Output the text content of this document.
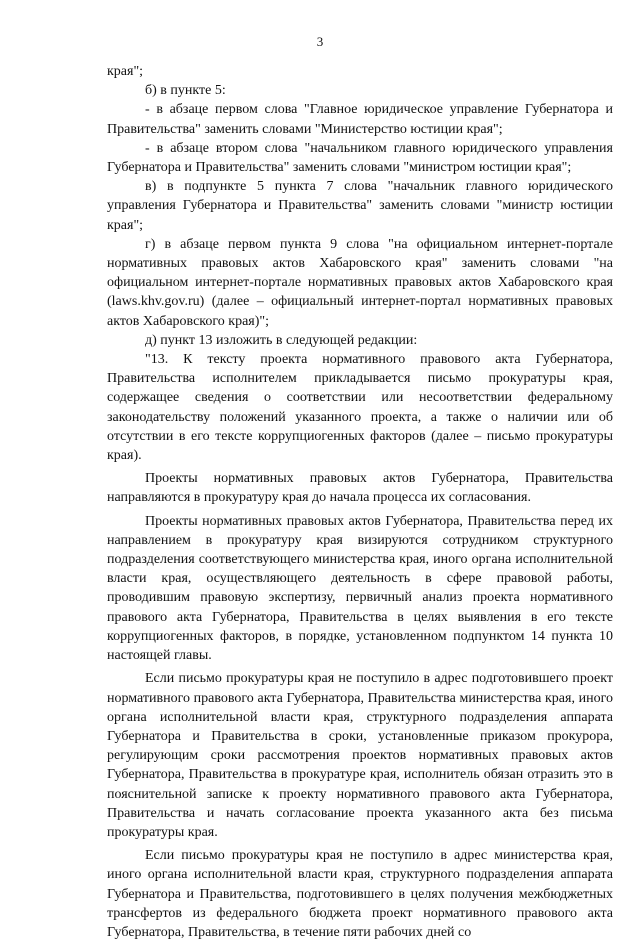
3

края";

б) в пункте 5:

- в абзаце первом слова "Главное юридическое управление Губернатора и Правительства" заменить словами "Министерство юстиции края";

- в абзаце втором слова "начальником главного юридического управления Губернатора и Правительства" заменить словами "министром юстиции края";

в) в подпункте 5 пункта 7 слова "начальник главного юридического управления Губернатора и Правительства" заменить словами "министр юстиции края";

г) в абзаце первом пункта 9 слова "на официальном интернет-портале нормативных правовых актов Хабаровского края" заменить словами "на официальном интернет-портале нормативных правовых актов Хабаровского края (laws.khv.gov.ru) (далее – официальный интернет-портал нормативных правовых актов Хабаровского края)";

д) пункт 13 изложить в следующей редакции:

"13. К тексту проекта нормативного правового акта Губернатора, Правительства исполнителем прикладывается письмо прокуратуры края, содержащее сведения о соответствии или несоответствии федеральному законодательству положений указанного проекта, а также о наличии или об отсутствии в его тексте коррупциогенных факторов (далее – письмо прокуратуры края).

Проекты нормативных правовых актов Губернатора, Правительства направляются в прокуратуру края до начала процесса их согласования.

Проекты нормативных правовых актов Губернатора, Правительства перед их направлением в прокуратуру края визируются сотрудником структурного подразделения соответствующего министерства края, иного органа исполнительной власти края, осуществляющего деятельность в сфере правовой работы, проводившим правовую экспертизу, первичный анализ проекта нормативного правового акта Губернатора, Правительства в целях выявления в его тексте коррупциогенных факторов, в порядке, установленном подпунктом 14 пункта 10 настоящей главы.

Если письмо прокуратуры края не поступило в адрес подготовившего проект нормативного правового акта Губернатора, Правительства министерства края, иного органа исполнительной власти края, структурного подразделения аппарата Губернатора и Правительства в сроки, установленные приказом прокурора, регулирующим сроки рассмотрения проектов нормативных правовых актов Губернатора, Правительства в прокуратуре края, исполнитель обязан отразить это в пояснительной записке к проекту нормативного правового акта Губернатора, Правительства и начать согласование проекта указанного акта без письма прокуратуры края.

Если письмо прокуратуры края не поступило в адрес министерства края, иного органа исполнительной власти края, структурного подразделения аппарата Губернатора и Правительства, подготовившего в целях получения межбюджетных трансфертов из федерального бюджета проект нормативного правового акта Губернатора, Правительства, в течение пяти рабочих дней со
